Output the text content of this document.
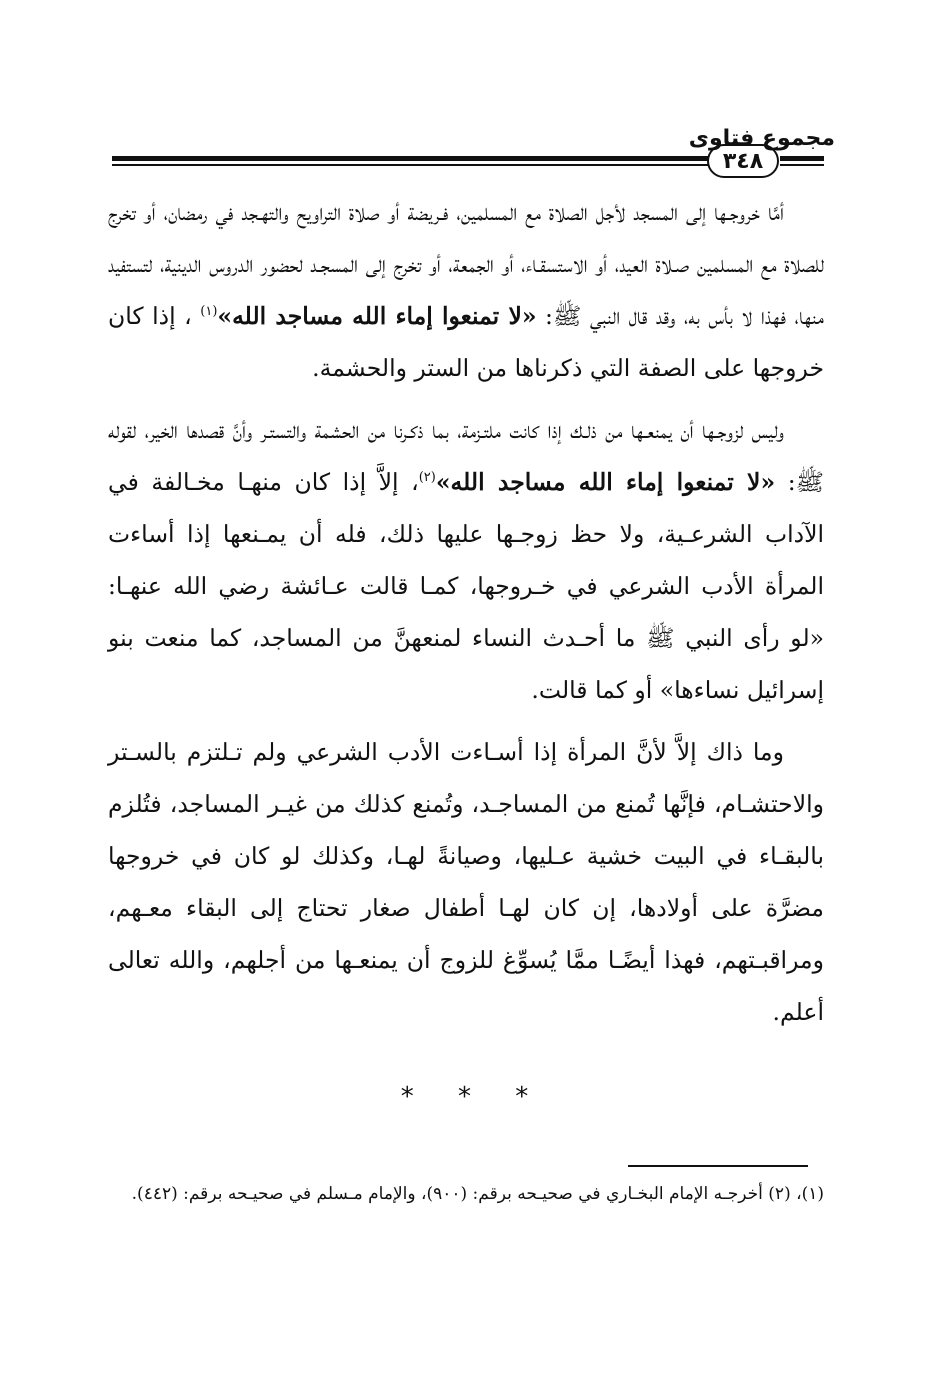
مجموع فتاوى
٣٤٨

أمَّا خروجـها إلى المسجد لأجل الصلاة مع المسلمين، فـريضة أو صلاة التراويح والتهـجد في رمضان، أو تخرج للصلاة مع المسلمين صـلاة العيد، أو الاستسقـاء، أو الجمعة، أو تخرج إلى المسجـد لحضور الدروس الدينية، لتستفيد منها، فهذا لا بأس به، وقد قال النبي ﷺ: «لا تمنعوا إماء الله مساجد الله»$^{(١)}$ ، إذا كان خروجها على الصفة التي ذكرناها من الستر والحشمة.

وليس لزوجـها أن يمنعـها من ذلـك إذا كانت ملتـزمة، بما ذكـرنا من الحشمة والتستـر وأنَّ قصدها الخير، لقوله ﷺ: «لا تمنعوا إماء الله مساجد الله»$^{(٢)}$، إلاَّ إذا كان منهـا مخـالفة في الآداب الشرعـية، ولا حظ زوجـها عليها ذلك، فله أن يمـنعها إذا أساءت المرأة الأدب الشرعي في خـروجها، كمـا قالت عـائشة رضي الله عنهـا: «لو رأى النبي ﷺ ما أحـدث النساء لمنعهنَّ من المساجد، كما منعت بنو إسرائيل نساءها» أو كما قالت.

وما ذاك إلاَّ لأنَّ المرأة إذا أسـاءت الأدب الشرعي ولم تـلتزم بالسـتر والاحتشـام، فإنَّها تُمنع من المساجـد، وتُمنع كذلك من غيـر المساجد، فتُلزم بالبقـاء في البيت خشية عـليها، وصيانةً لهـا، وكذلك لو كان في خروجها مضرَّة على أولادها، إن كان لهـا أطفال صغار تحتاج إلى البقاء معـهم، ومراقبـتهم، فهذا أيضًـا ممَّا يُسوِّغ للزوج أن يمنعـها من أجلهم، والله تعالى أعلم.

* * *
(١)، (٢) أخرجـه الإمام البخـاري في صحيـحه برقم: (٩٠٠)، والإمام مـسلم في صحيـحه برقم: (٤٤٢).
